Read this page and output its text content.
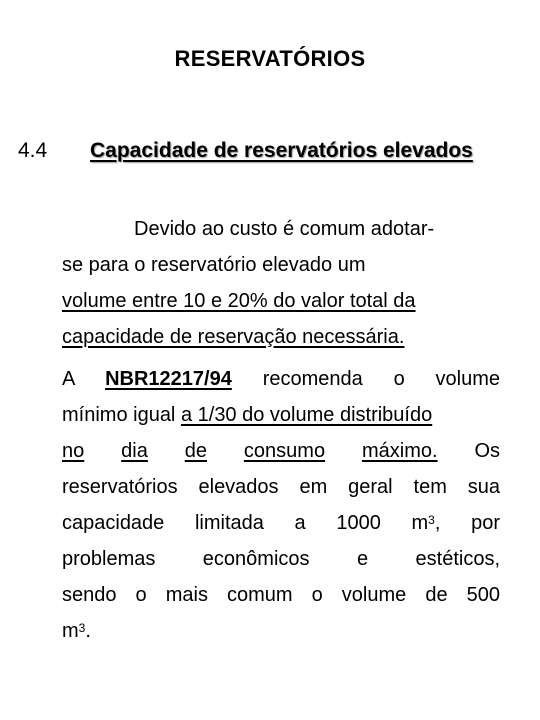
RESERVATÓRIOS
4.4 Capacidade de reservatórios elevados
Devido ao custo é comum adotar-
se para o reservatório elevado um
volume entre 10 e 20% do valor total da
capacidade de reservação necessária.
A NBR12217/94 recomenda o volume
mínimo igual a 1/30 do volume distribuído
no dia de consumo máximo. Os
reservatórios elevados em geral tem sua
capacidade limitada a 1000 $m^3$, por
problemas econômicos e estéticos,
sendo o mais comum o volume de 500
$m^3$.
